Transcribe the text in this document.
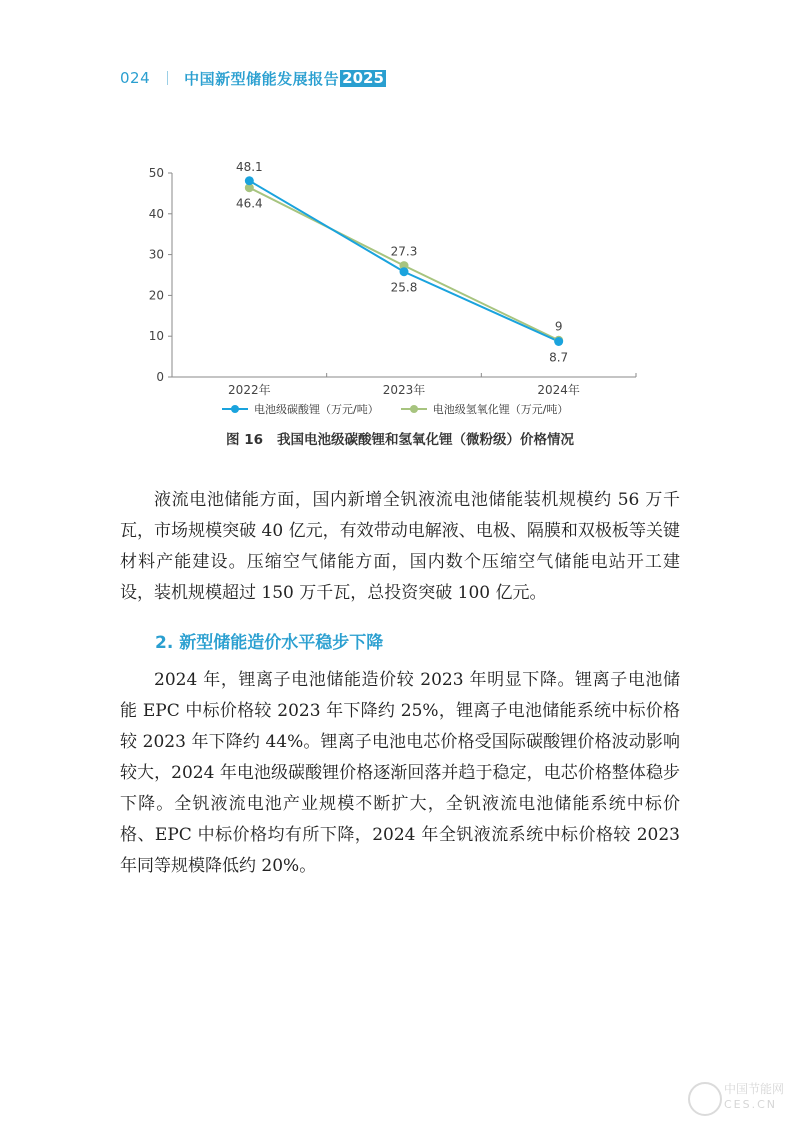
024 中国新型储能发展报告 2025
0
10
20
30
40
50
2022年	2023年	2024年
48.1
46.4
27.3
25.8
9
8.7
电池级碳酸锂（万元/吨）	电池级氢氧化锂（万元/吨）
图 16 我国电池级碳酸锂和氢氧化锂（微粉级）价格情况

液流电池储能方面，国内新增全钒液流电池储能装机规模约 56 万千瓦，市场规模突破 40 亿元，有效带动电解液、电极、隔膜和双极板等关键材料产能建设。压缩空气储能方面，国内数个压缩空气储能电站开工建设，装机规模超过 150 万千瓦，总投资突破 100 亿元。

2. 新型储能造价水平稳步下降

2024 年，锂离子电池储能造价较 2023 年明显下降。锂离子电池储能 EPC 中标价格较 2023 年下降约 25%，锂离子电池储能系统中标价格较 2023 年下降约 44%。锂离子电池电芯价格受国际碳酸锂价格波动影响较大，2024 年电池级碳酸锂价格逐渐回落并趋于稳定，电芯价格整体稳步下降。全钒液流电池产业规模不断扩大，全钒液流电池储能系统中标价格、EPC 中标价格均有所下降，2024 年全钒液流系统中标价格较 2023 年同等规模降低约 20%。

中国节能网
CES.CN
